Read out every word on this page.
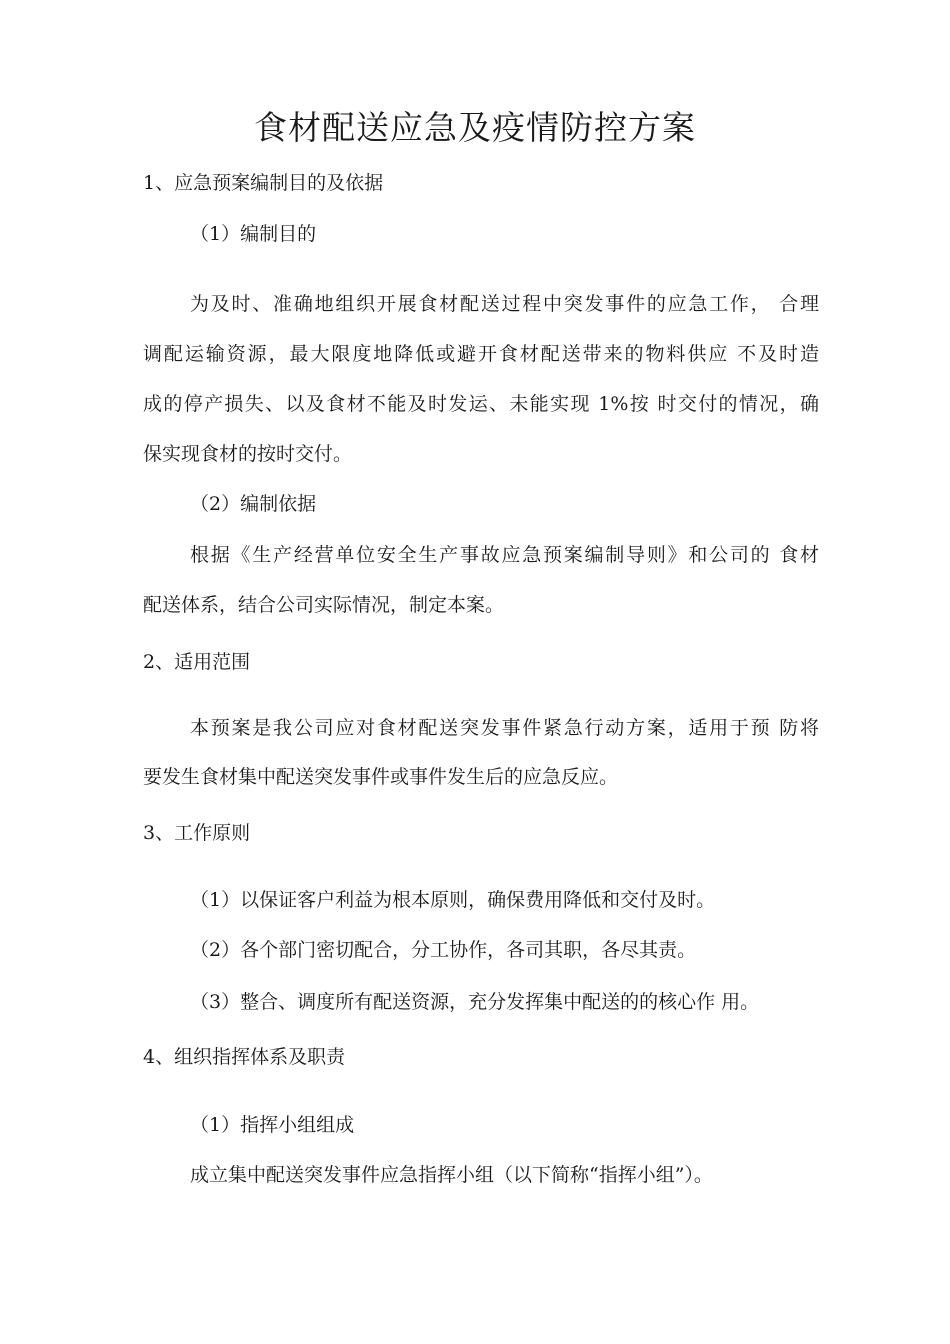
食材配送应急及疫情防控方案
1、应急预案编制目的及依据
（1）编制目的
为及时、准确地组织开展食材配送过程中突发事件的应急工作， 合理
调配运输资源，最大限度地降低或避开食材配送带来的物料供应 不及时造
成的停产损失、以及食材不能及时发运、未能实现 1%按 时交付的情况，确
保实现食材的按时交付。
（2）编制依据
根据《生产经营单位安全生产事故应急预案编制导则》和公司的 食材
配送体系，结合公司实际情况，制定本案。
2、适用范围
本预案是我公司应对食材配送突发事件紧急行动方案，适用于预 防将
要发生食材集中配送突发事件或事件发生后的应急反应。
3、工作原则
（1）以保证客户利益为根本原则，确保费用降低和交付及时。
（2）各个部门密切配合，分工协作，各司其职，各尽其责。
（3）整合、调度所有配送资源，充分发挥集中配送的的核心作 用。
4、组织指挥体系及职责
（1）指挥小组组成
成立集中配送突发事件应急指挥小组（以下简称“指挥小组”）。
